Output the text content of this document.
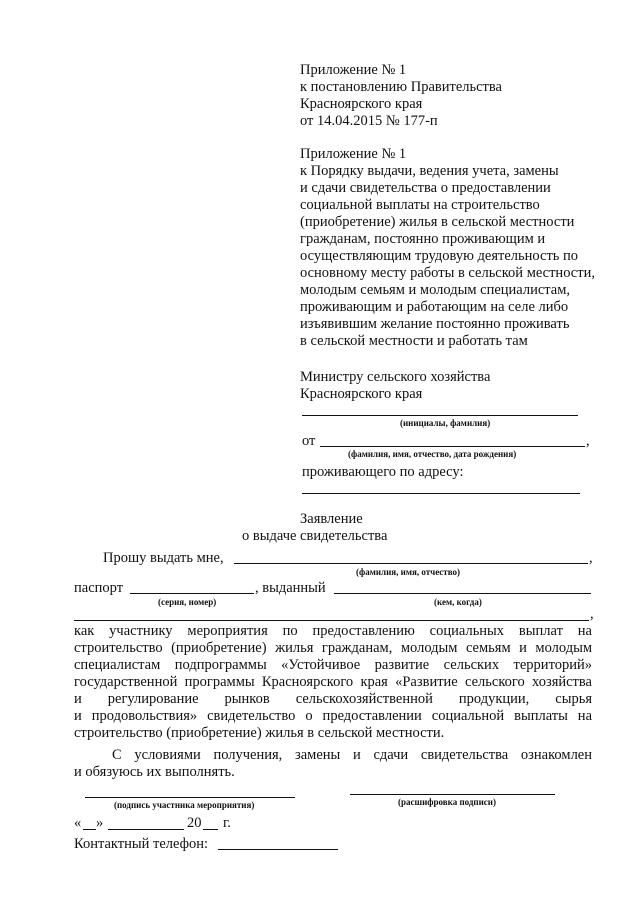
Приложение № 1
к постановлению Правительства
Красноярского края
от 14.04.2015 № 177-п
Приложение № 1
к Порядку выдачи, ведения учета, замены
и сдачи свидетельства о предоставлении
социальной выплаты на строительство
(приобретение) жилья в сельской местности
гражданам, постоянно проживающим и
осуществляющим трудовую деятельность по
основному месту работы в сельской местности,
молодым семьям и молодым специалистам,
проживающим и работающим на селе либо
изъявившим желание постоянно проживать
в сельской местности и работать там
Министру сельского хозяйства
Красноярского края
(инициалы, фамилия)
от	,
(фамилия, имя, отчество, дата рождения)
проживающего по адресу:
Заявление
о выдаче свидетельства
Прошу выдать мне,	,
(фамилия, имя, отчество)
паспорт	, выданный
(серия, номер)	(кем, когда)
,
как участнику мероприятия по предоставлению социальных выплат на
строительство (приобретение) жилья гражданам, молодым семьям и молодым
специалистам подпрограммы «Устойчивое развитие сельских территорий»
государственной программы Красноярского края «Развитие сельского хозяйства
и регулирование рынков сельскохозяйственной продукции, сырья
и продовольствия» свидетельство о предоставлении социальной выплаты на
строительство (приобретение) жилья в сельской местности.
С условиями получения, замены и сдачи свидетельства ознакомлен
и обязуюсь их выполнять.
(подпись участника мероприятия)	(расшифровка подписи)
« »	20 г.
Контактный телефон:
